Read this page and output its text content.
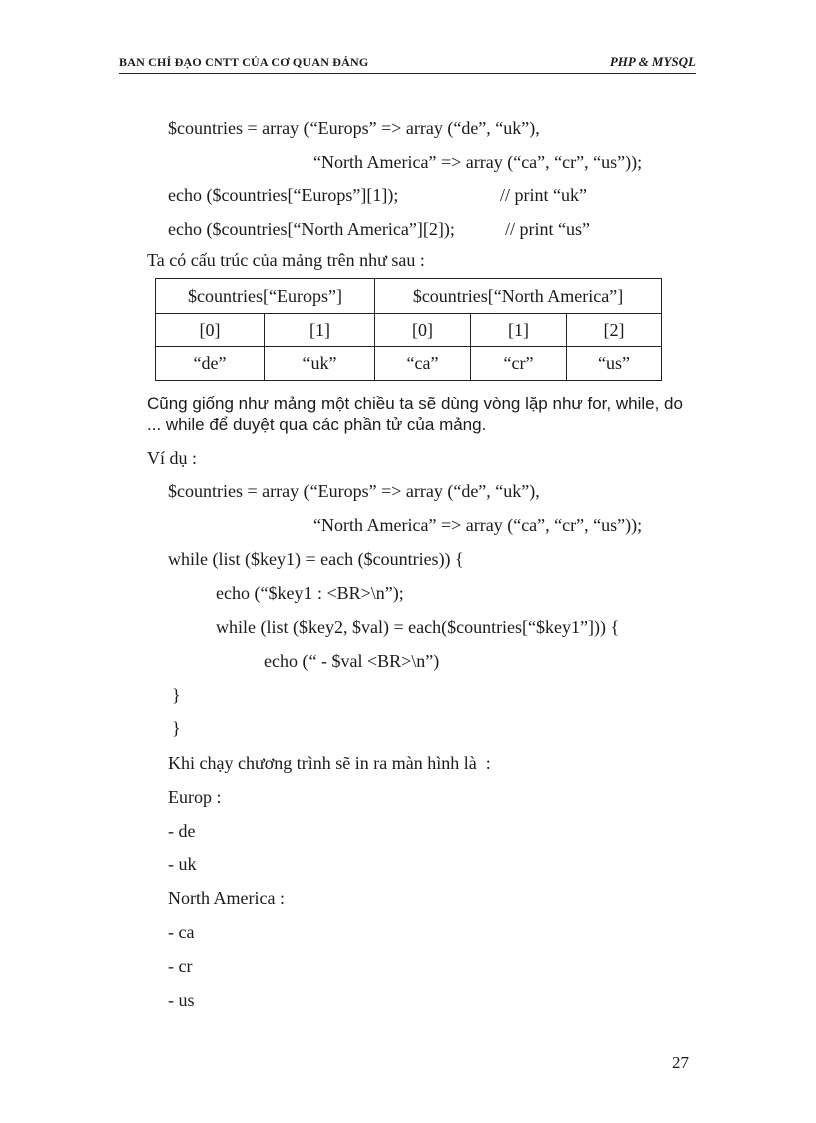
BAN CHỈ ĐẠO CNTT CỦA CƠ QUAN ĐẢNG	PHP & MYSQL
$countries = array (“Europs” => array (“de”, “uk”),
“North America” => array (“ca”, “cr”, “us”));
echo ($countries[“Europs”][1]);	// print “uk”
echo ($countries[“North America”][2]);	// print “us”
Ta có cấu trúc của mảng trên như sau :
$countries[“Europs”]		$countries[“North America”]		
[0]	[1]	[0]	[1]	[2]
“de”	“uk”	“ca”	“cr”	“us”
Cũng giống như mảng một chiều ta sẽ dùng vòng lặp như for, while, do
... while để duyệt qua các phần tử của mảng.
Ví dụ :
$countries = array (“Europs” => array (“de”, “uk”),
“North America” => array (“ca”, “cr”, “us”));
while (list ($key1) = each ($countries)) {
echo (“$key1 : <BR>\n”);
while (list ($key2, $val) = each($countries[“$key1”])) {
echo (“ - $val <BR>\n”)
}
}
Khi chạy chương trình sẽ in ra màn hình là  :
Europ :
- de
- uk
North America :
- ca
- cr
- us
27
